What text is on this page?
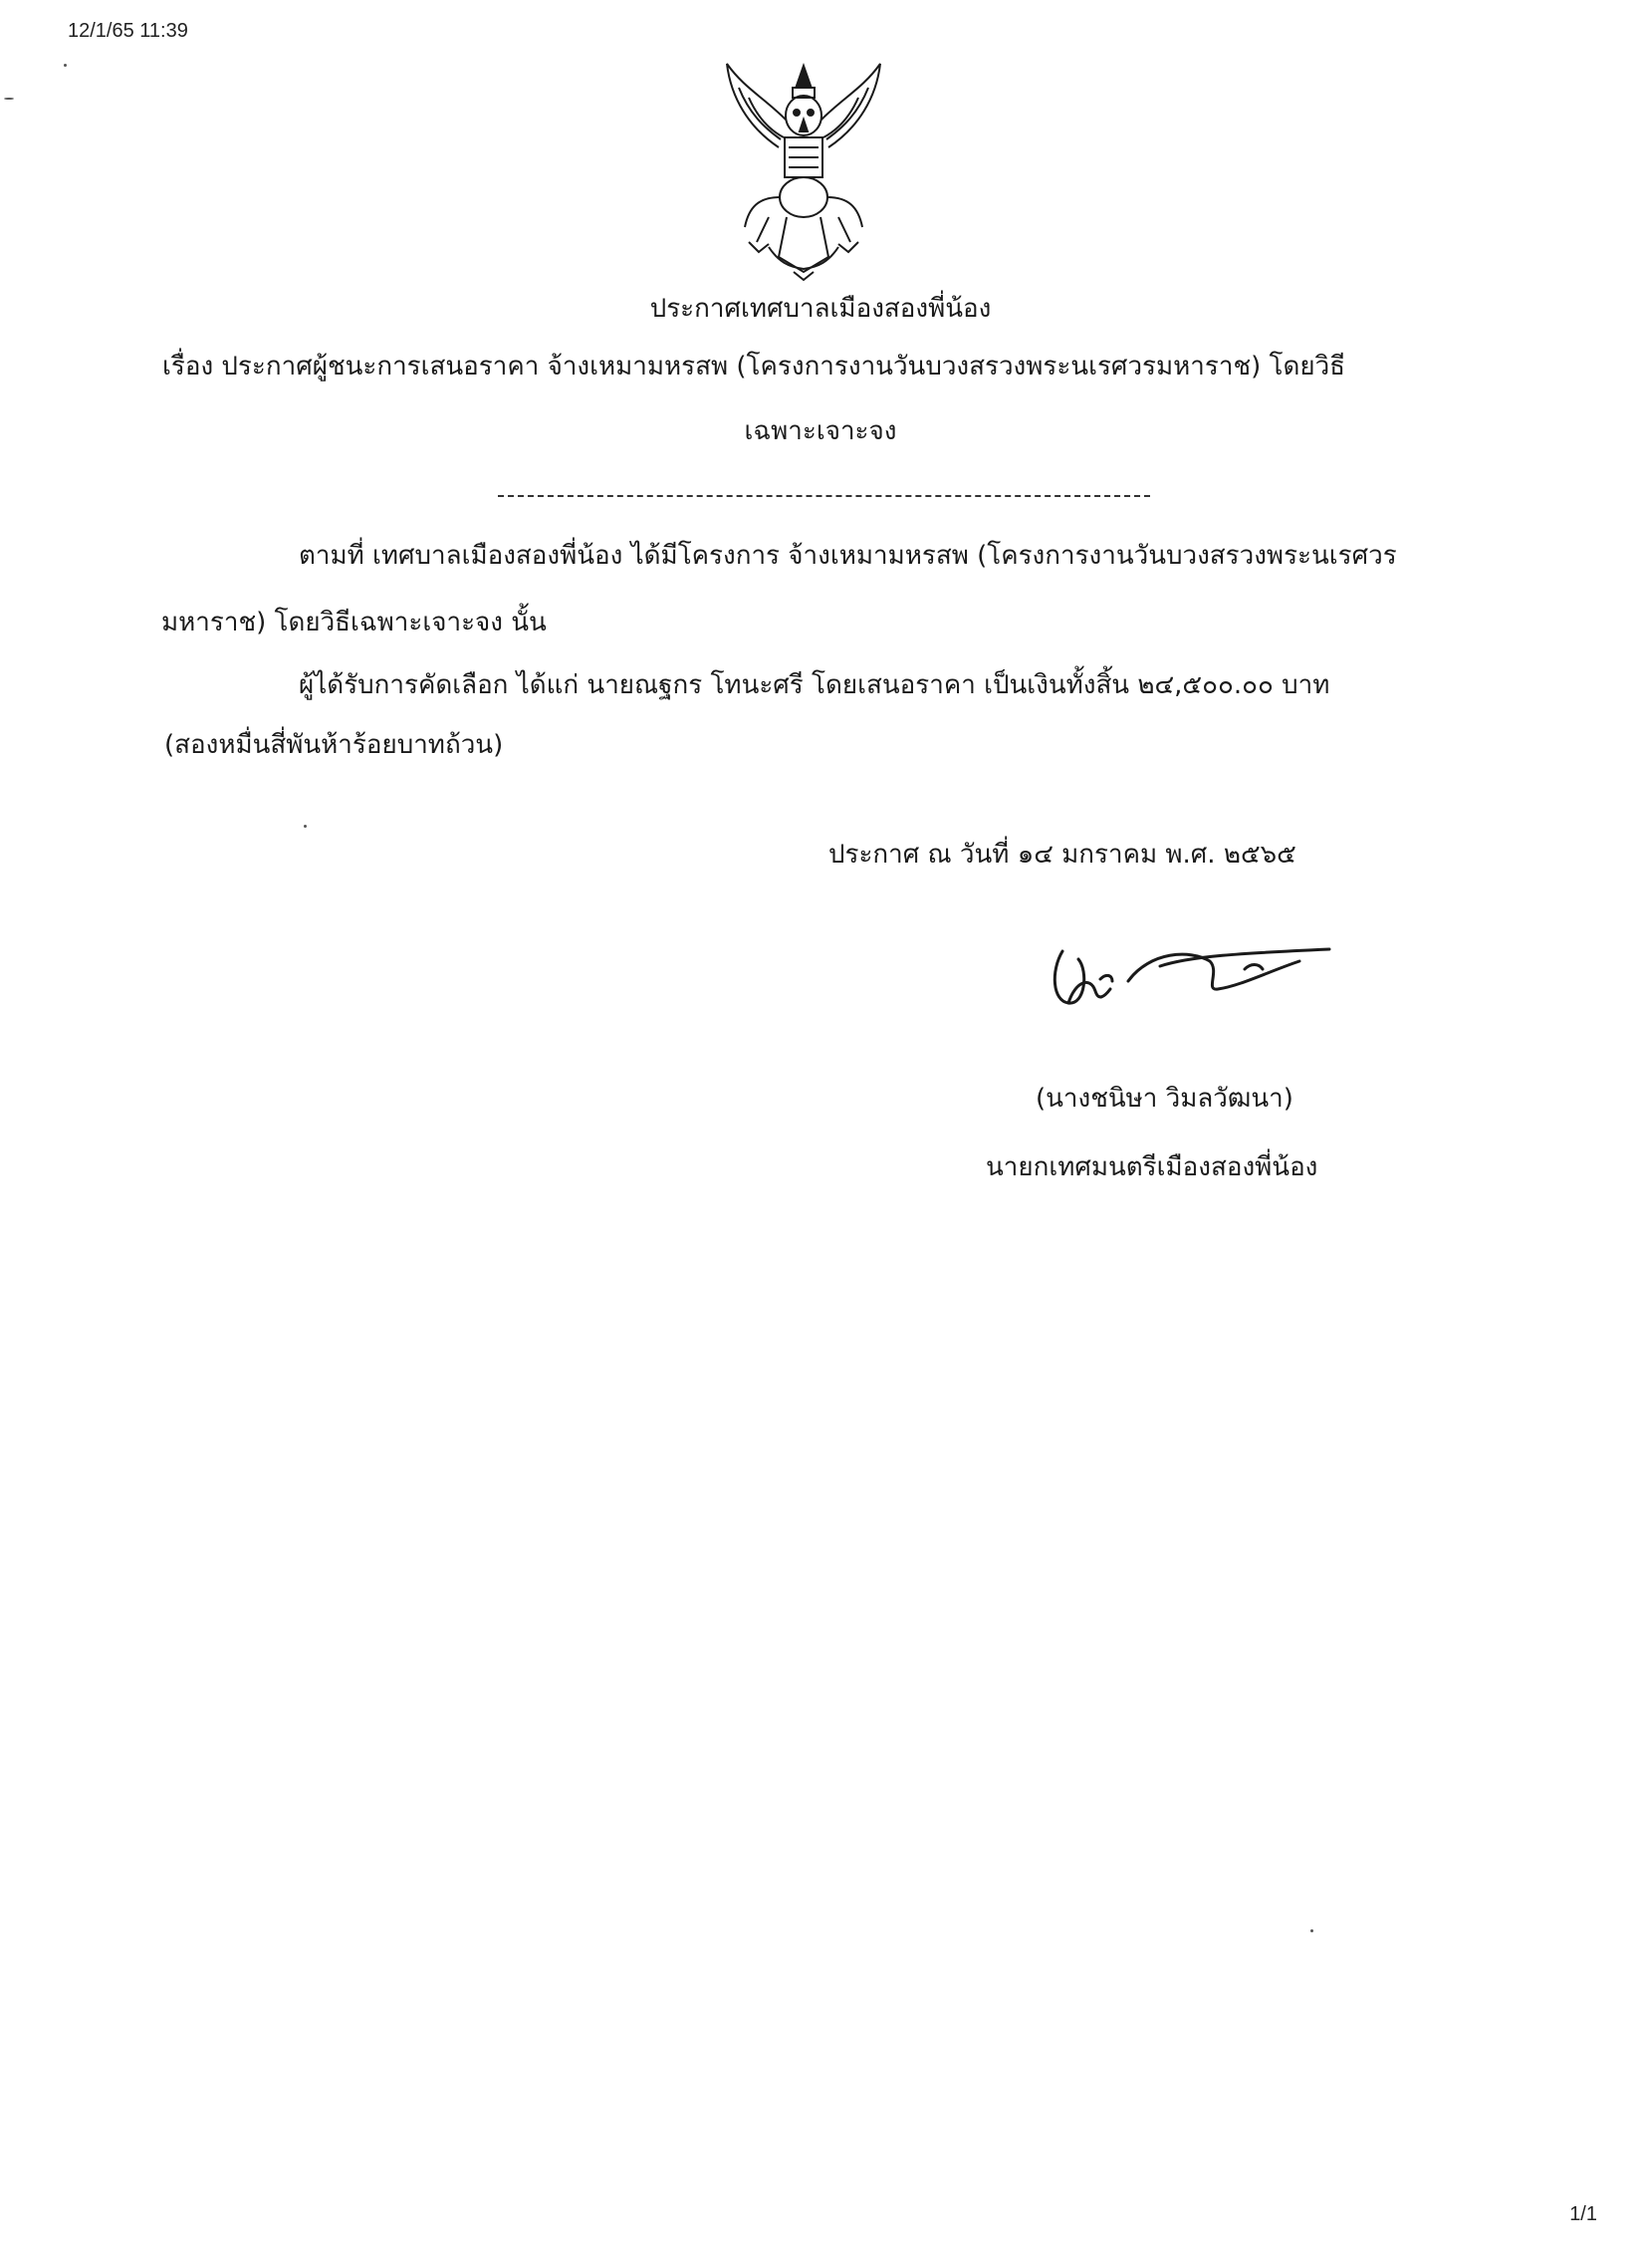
12/1/65 11:39
ประกาศเทศบาลเมืองสองพี่น้อง
เรื่อง ประกาศผู้ชนะการเสนอราคา จ้างเหมามหรสพ (โครงการงานวันบวงสรวงพระนเรศวรมหาราช) โดยวิธี
เฉพาะเจาะจง
ตามที่ เทศบาลเมืองสองพี่น้อง ได้มีโครงการ จ้างเหมามหรสพ (โครงการงานวันบวงสรวงพระนเรศวร
มหาราช) โดยวิธีเฉพาะเจาะจง นั้น
ผู้ได้รับการคัดเลือก ได้แก่ นายณฐกร โทนะศรี โดยเสนอราคา เป็นเงินทั้งสิ้น ๒๔,๕๐๐.๐๐ บาท
(สองหมื่นสี่พันห้าร้อยบาทถ้วน)
ประกาศ ณ วันที่ ๑๔ มกราคม พ.ศ. ๒๕๖๕
(นางชนิษา วิมลวัฒนา)
นายกเทศมนตรีเมืองสองพี่น้อง
1/1
